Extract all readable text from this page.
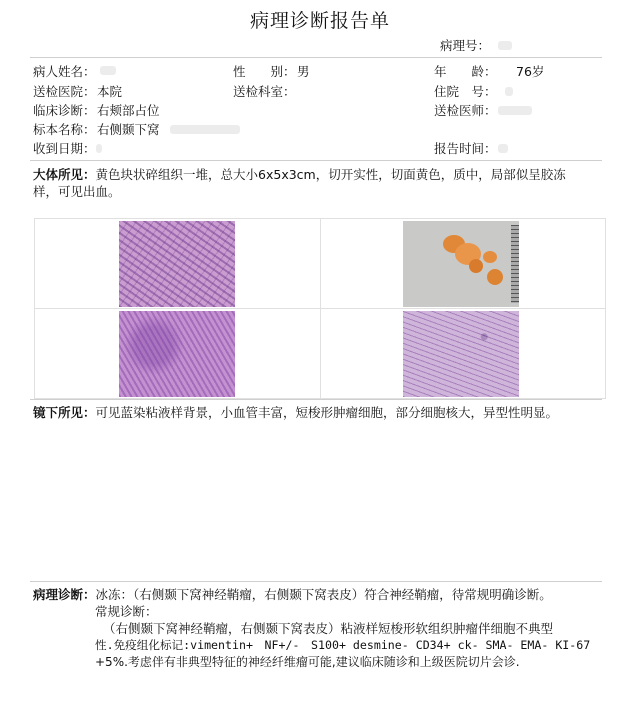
病理诊断报告单
病理号：
病人姓名：	性　　别： 男	年　　龄： 76岁
送检医院： 本院	送检科室：	住院　号：
临床诊断： 右颊部占位	送检医师：
标本名称： 右侧颞下窝
收到日期：	报告时间：
大体所见：黄色块状碎组织一堆，总大小6x5x3cm，切开实性，切面黄色，质中，局部似呈胶冻样，可见出血。
镜下所见：可见蓝染粘液样背景，小血管丰富，短梭形肿瘤细胞，部分细胞核大，异型性明显。
病理诊断：冰冻：（右侧颞下窝神经鞘瘤，右侧颞下窝表皮）符合神经鞘瘤，待常规明确诊断。
常规诊断：
（右侧颞下窝神经鞘瘤，右侧颞下窝表皮）粘液样短梭形软组织肿瘤伴细胞不典型
性.免疫组化标记:vimentin+　NF+/-　S100+ desmine- CD34+ ck- SMA- EMA- KI-67
+5%.考虑伴有非典型特征的神经纤维瘤可能,建议临床随诊和上级医院切片会诊.
